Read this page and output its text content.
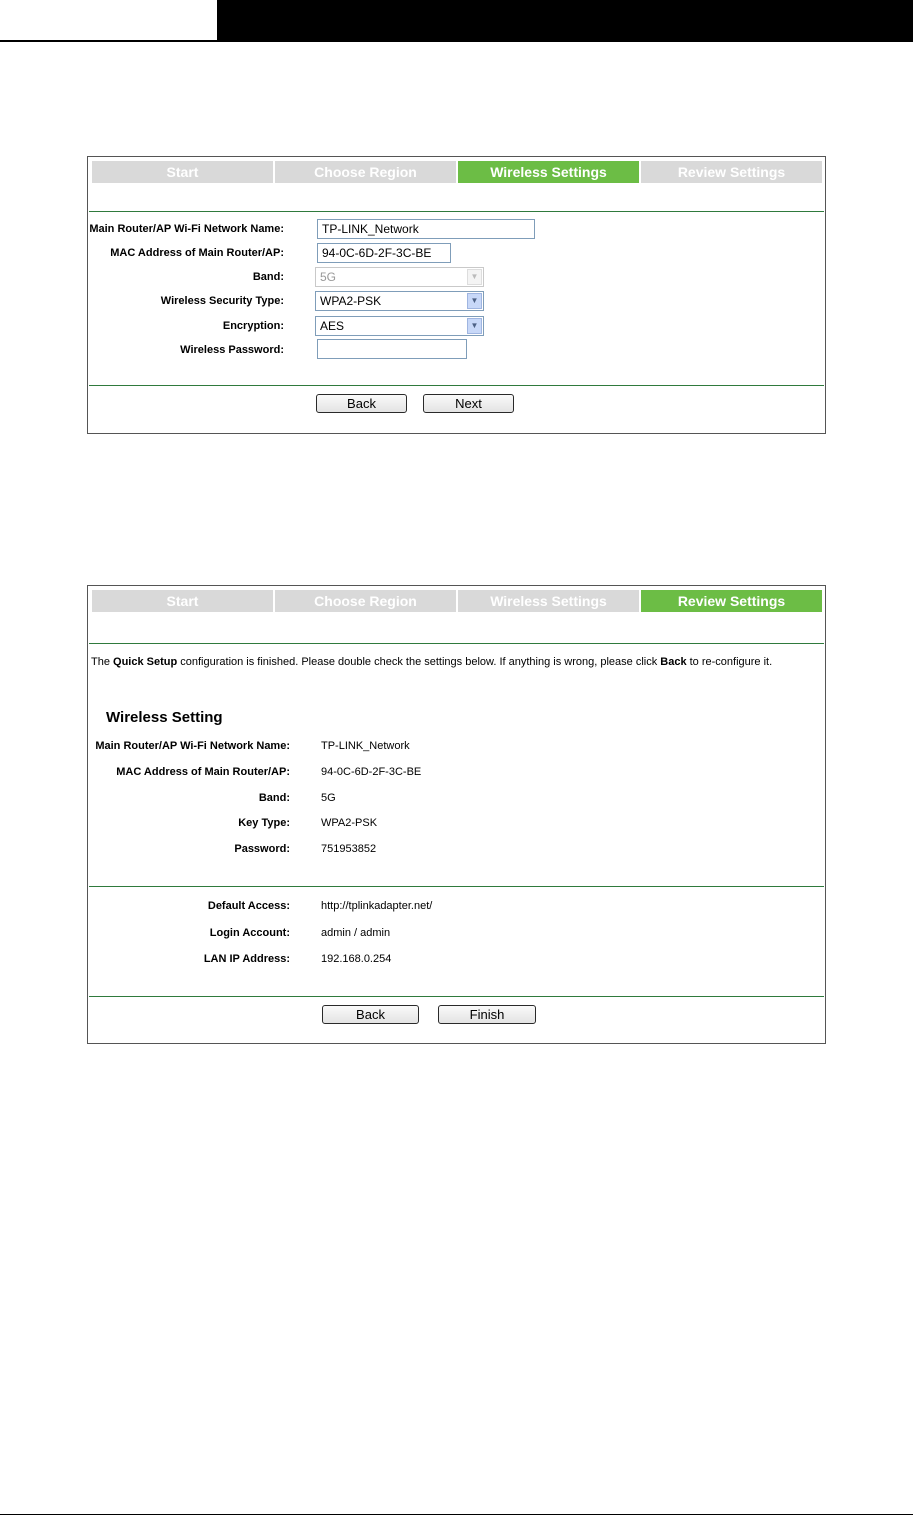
Start	Choose Region	Wireless Settings	Review Settings
Main Router/AP Wi-Fi Network Name:	TP-LINK_Network
MAC Address of Main Router/AP:	94-0C-6D-2F-3C-BE
Band:	5G	▼
Wireless Security Type:	WPA2-PSK	▼
Encryption:	AES	▼
Wireless Password:
Back	Next
Start	Choose Region	Wireless Settings	Review Settings
The Quick Setup configuration is finished. Please double check the settings below. If anything is wrong, please click Back to re-configure it.
Wireless Setting
Main Router/AP Wi-Fi Network Name:	TP-LINK_Network
MAC Address of Main Router/AP:	94-0C-6D-2F-3C-BE
Band:	5G
Key Type:	WPA2-PSK
Password:	751953852
Default Access:	http://tplinkadapter.net/
Login Account:	admin / admin
LAN IP Address:	192.168.0.254
Back	Finish
